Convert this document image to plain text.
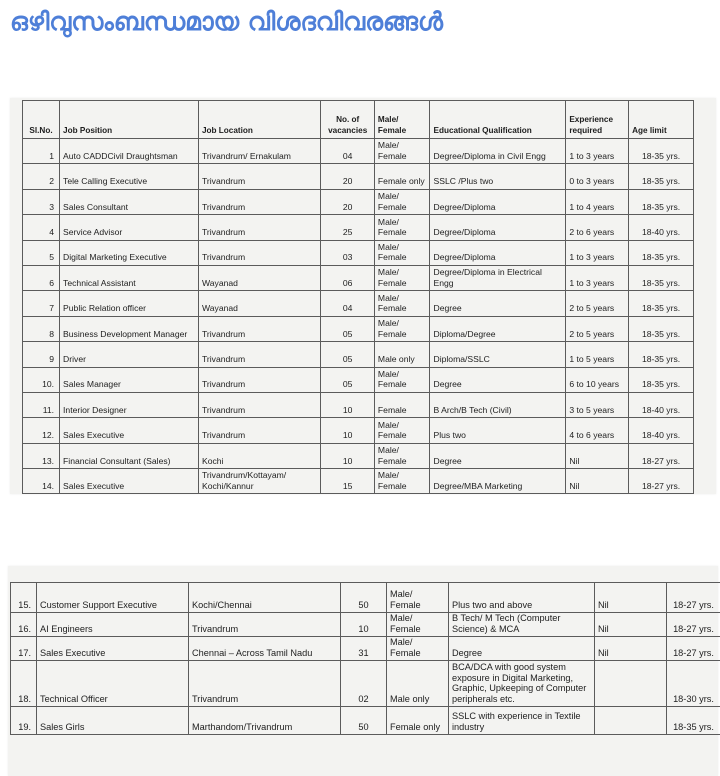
ഒഴിവുസംബന്ധമായ വിശദവിവരങ്ങൾ
Sl.No.	Job Position	Job Location	No. of vacancies	Male/ Female	Educational Qualification	Experience required	Age limit
1	Auto CADDCivil Draughtsman	Trivandrum/ Ernakulam	04	Male/ Female	Degree/Diploma in Civil Engg	1 to 3 years	18-35 yrs.
2	Tele Calling Executive	Trivandrum	20	Female only	SSLC /Plus two	0 to 3 years	18-35 yrs.
3	Sales Consultant	Trivandrum	20	Male/ Female	Degree/Diploma	1 to 4 years	18-35 yrs.
4	Service Advisor	Trivandrum	25	Male/ Female	Degree/Diploma	2 to 6 years	18-40 yrs.
5	Digital Marketing Executive	Trivandrum	03	Male/ Female	Degree/Diploma	1 to 3 years	18-35 yrs.
6	Technical Assistant	Wayanad	06	Male/ Female	Degree/Diploma in Electrical Engg	1 to 3 years	18-35 yrs.
7	Public Relation officer	Wayanad	04	Male/ Female	Degree	2 to 5 years	18-35 yrs.
8	Business Development Manager	Trivandrum	05	Male/ Female	Diploma/Degree	2 to 5 years	18-35 yrs.
9	Driver	Trivandrum	05	Male only	Diploma/SSLC	1 to 5 years	18-35 yrs.
10.	Sales Manager	Trivandrum	05	Male/ Female	Degree	6 to 10 years	18-35 yrs.
11.	Interior Designer	Trivandrum	10	Female	B Arch/B Tech (Civil)	3 to 5 years	18-40 yrs.
12.	Sales Executive	Trivandrum	10	Male/ Female	Plus two	4 to 6 years	18-40 yrs.
13.	Financial Consultant (Sales)	Kochi	10	Male/ Female	Degree	Nil	18-27 yrs.
14.	Sales Executive	Trivandrum/Kottayam/ Kochi/Kannur	15	Male/ Female	Degree/MBA Marketing	Nil	18-27 yrs.
15.	Customer Support Executive	Kochi/Chennai	50	Male/ Female	Plus two and above	Nil	18-27 yrs.
16.	AI Engineers	Trivandrum	10	Male/ Female	B Tech/ M Tech (Computer Science) & MCA	Nil	18-27 yrs.
17.	Sales Executive	Chennai – Across Tamil Nadu	31	Male/ Female	Degree	Nil	18-27 yrs.
18.	Technical Officer	Trivandrum	02	Male only	BCA/DCA with good system exposure in Digital Marketing, Graphic, Upkeeping of Computer peripherals etc.		18-30 yrs.
19.	Sales Girls	Marthandom/Trivandrum	50	Female only	SSLC with experience in Textile industry		18-35 yrs.
